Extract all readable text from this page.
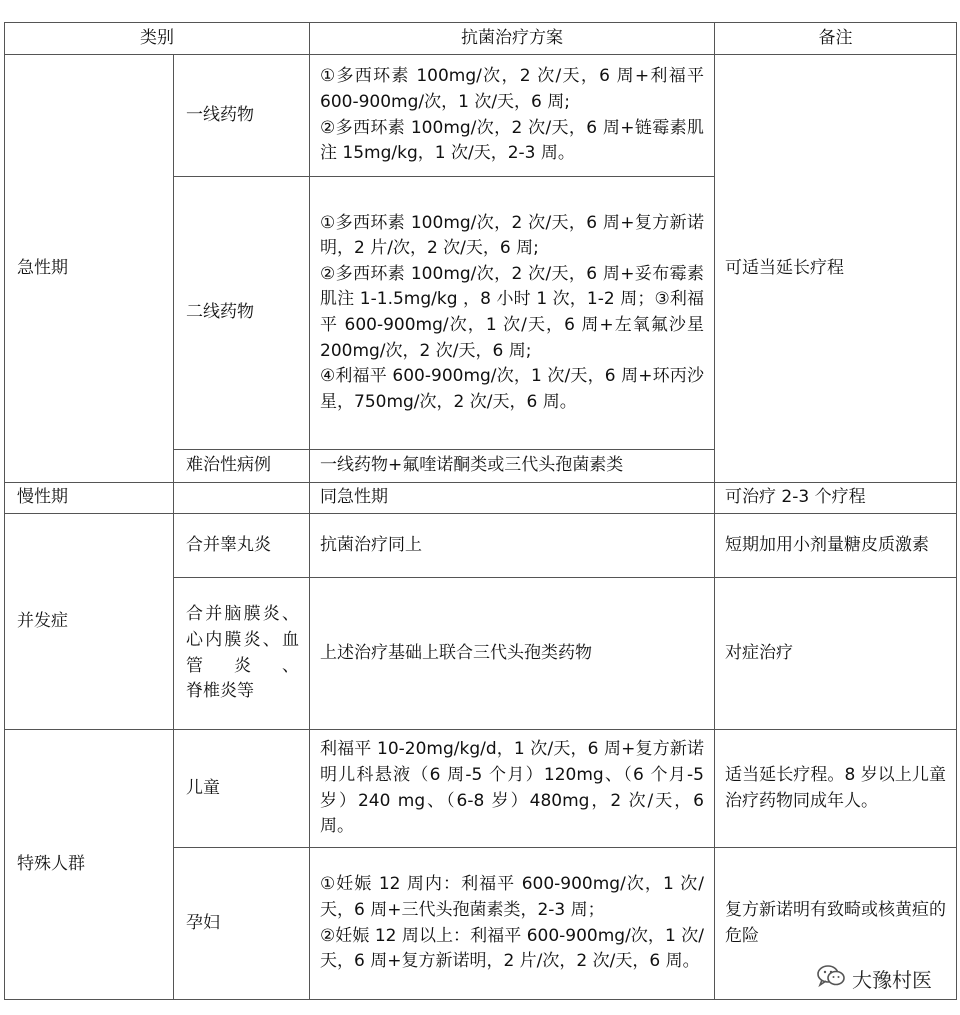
类别		抗菌治疗方案	备注
急性期	一线药物	①多西环素 100mg/次，2 次/天，6 周+利福平 600-900mg/次，1 次/天，6 周;
②多西环素 100mg/次，2 次/天，6 周+链霉素肌注 15mg/kg，1 次/天，2-3 周。	可适当延长疗程
	二线药物	①多西环素 100mg/次，2 次/天，6 周+复方新诺明，2 片/次，2 次/天，6 周;
②多西环素 100mg/次，2 次/天，6 周+妥布霉素肌注 1-1.5mg/kg ，8 小时 1 次，1-2 周；③利福平 600-900mg/次，1 次/天，6 周+左氧氟沙星 200mg/次，2 次/天，6 周;
④利福平 600-900mg/次，1 次/天，6 周+环丙沙星，750mg/次，2 次/天，6 周。	

	难治性病例	一线药物+氟喹诺酮类或三代头孢菌素类	
慢性期		同急性期	可治疗 2-3 个疗程
并发症	合并睾丸炎	抗菌治疗同上	短期加用小剂量糖皮质激素

	合并脑膜炎、心内膜炎、血管炎、
脊椎炎等	上述治疗基础上联合三代头孢类药物	对症治疗
特殊人群	儿童	利福平 10-20mg/kg/d，1 次/天，6 周+复方新诺明儿科悬液（6 周-5 个月）120mg、（6 个月-5 岁）240 mg、（6-8 岁）480mg，2 次/天，6 周。	适当延长疗程。8 岁以上儿童治疗药物同成年人。
	孕妇	①妊娠 12 周内：利福平 600-900mg/次，1 次/天，6 周+三代头孢菌素类，2-3 周；
②妊娠 12 周以上：利福平 600-900mg/次，1 次/天，6 周+复方新诺明，2 片/次，2 次/天，6 周。	复方新诺明有致畸或核黄疸的危险
大豫村医
